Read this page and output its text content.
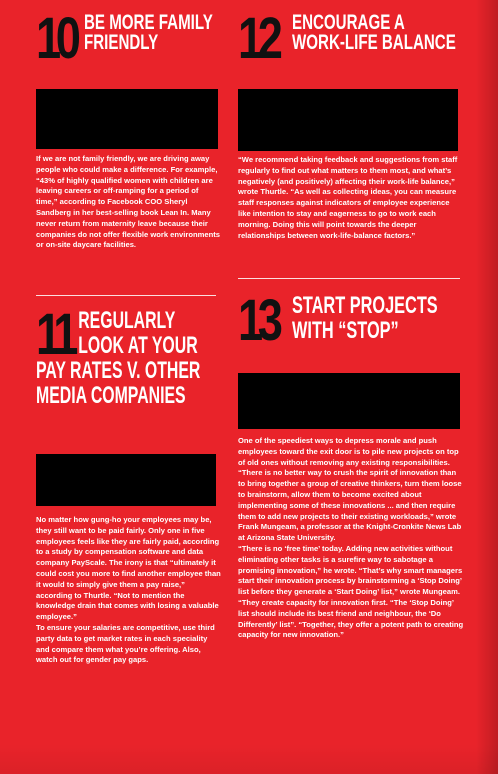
10 BE MORE FAMILY
FRIENDLY

If we are not family friendly, we are driving away people who could make a difference. For example, “43% of highly qualified women with children are leaving careers or off-ramping for a period of time,” according to Facebook COO Sheryl Sandberg in her best-selling book Lean In. Many never return from maternity leave because their companies do not offer flexible work environments or on-site daycare facilities.

11 REGULARLY
LOOK AT YOUR
PAY RATES V. OTHER
MEDIA COMPANIES

No matter how gung-ho your employees may be, they still want to be paid fairly. Only one in five employees feels like they are fairly paid, according to a study by compensation software and data company PayScale. The irony is that “ultimately it could cost you more to find another employee than it would to simply give them a pay raise,” according to Thurtle. “Not to mention the knowledge drain that comes with losing a valuable employee.”

To ensure your salaries are competitive, use third party data to get market rates in each speciality and compare them what you’re offering. Also, watch out for gender pay gaps.

12 ENCOURAGE A
WORK-LIFE BALANCE

“We recommend taking feedback and suggestions from staff regularly to find out what matters to them most, and what’s negatively (and positively) affecting their work-life balance,” wrote Thurtle. “As well as collecting ideas, you can measure staff responses against indicators of employee experience like intention to stay and eagerness to go to work each morning. Doing this will point towards the deeper relationships between work-life-balance factors.”

13 START PROJECTS
WITH “STOP”

One of the speediest ways to depress morale and push employees toward the exit door is to pile new projects on top of old ones without removing any existing responsibilities.

“There is no better way to crush the spirit of innovation than to bring together a group of creative thinkers, turn them loose to brainstorm, allow them to become excited about implementing some of these innovations ... and then require them to add new projects to their existing workloads,” wrote Frank Mungeam, a professor at the Knight-Cronkite News Lab at Arizona State University.

“There is no ‘free time’ today. Adding new activities without eliminating other tasks is a surefire way to sabotage a promising innovation,” he wrote. “That’s why smart managers start their innovation process by brainstorming a ‘Stop Doing’ list before they generate a ‘Start Doing’ list,” wrote Mungeam. “They create capacity for innovation first. “The ‘Stop Doing’ list should include its best friend and neighbour, the ‘Do Differently’ list”. “Together, they offer a potent path to creating capacity for new innovation.”
